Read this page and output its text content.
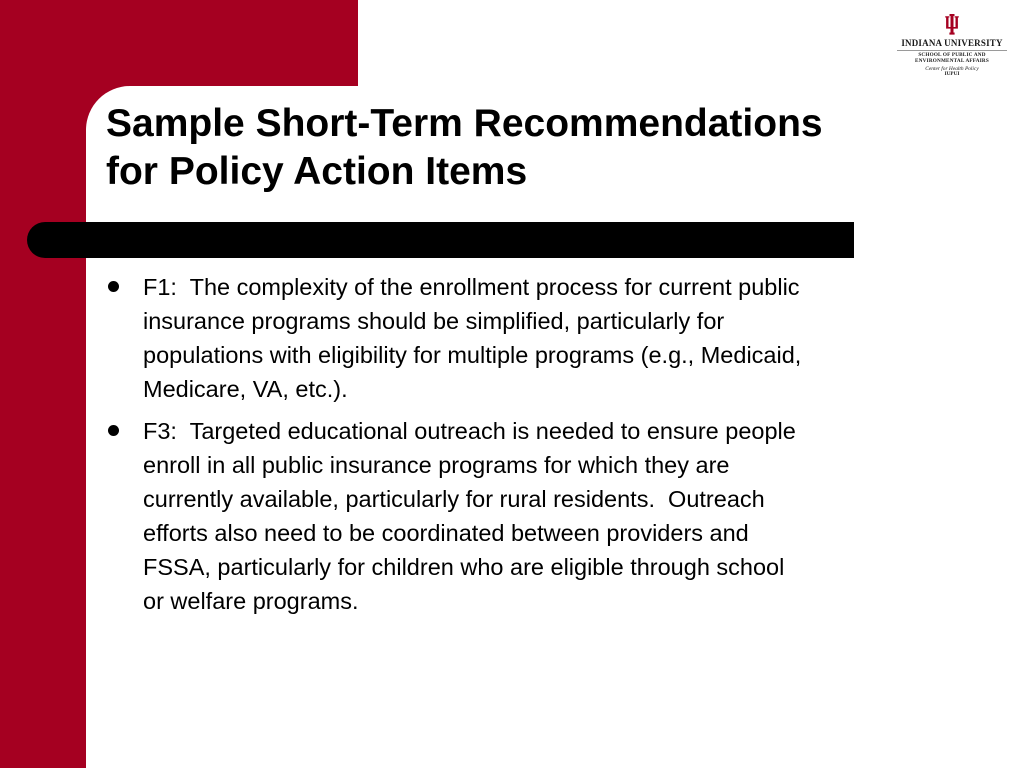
INDIANA UNIVERSITY
SCHOOL OF PUBLIC AND
ENVIRONMENTAL AFFAIRS
Center for Health Policy
IUPUI
Sample Short-Term Recommendations
for Policy Action Items
F1:  The complexity of the enrollment process for current public
insurance programs should be simplified, particularly for
populations with eligibility for multiple programs (e.g., Medicaid,
Medicare, VA, etc.).
F3:  Targeted educational outreach is needed to ensure people
enroll in all public insurance programs for which they are
currently available, particularly for rural residents.  Outreach
efforts also need to be coordinated between providers and
FSSA, particularly for children who are eligible through school
or welfare programs.
